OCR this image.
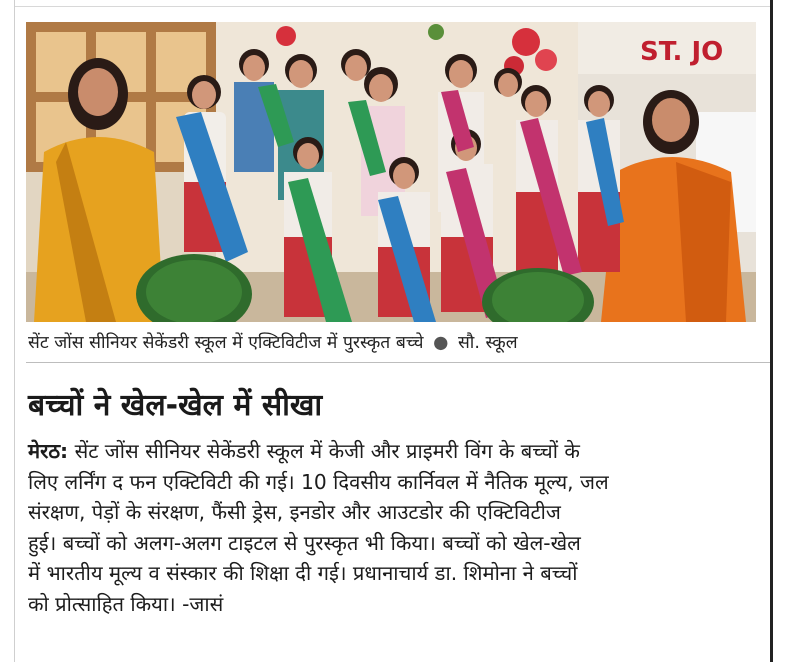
ST. JO
सेंट जोंस सीनियर सेकेंडरी स्कूल में एक्टिविटीज में पुरस्कृत बच्चे ● सौ. स्कूल
बच्चों ने खेल-खेल में सीखा
मेरठ: सेंट जोंस सीनियर सेकेंडरी स्कूल में केजी और प्राइमरी विंग के बच्चों के
लिए लर्निंग द फन एक्टिविटी की गई। 10 दिवसीय कार्निवल में नैतिक मूल्य, जल
संरक्षण, पेड़ों के संरक्षण, फैंसी ड्रेस, इनडोर और आउटडोर की एक्टिविटीज
हुई। बच्चों को अलग-अलग टाइटल से पुरस्कृत भी किया। बच्चों को खेल-खेल
में भारतीय मूल्य व संस्कार की शिक्षा दी गई। प्रधानाचार्य डा. शिमोना ने बच्चों
को प्रोत्साहित किया। -जासं
